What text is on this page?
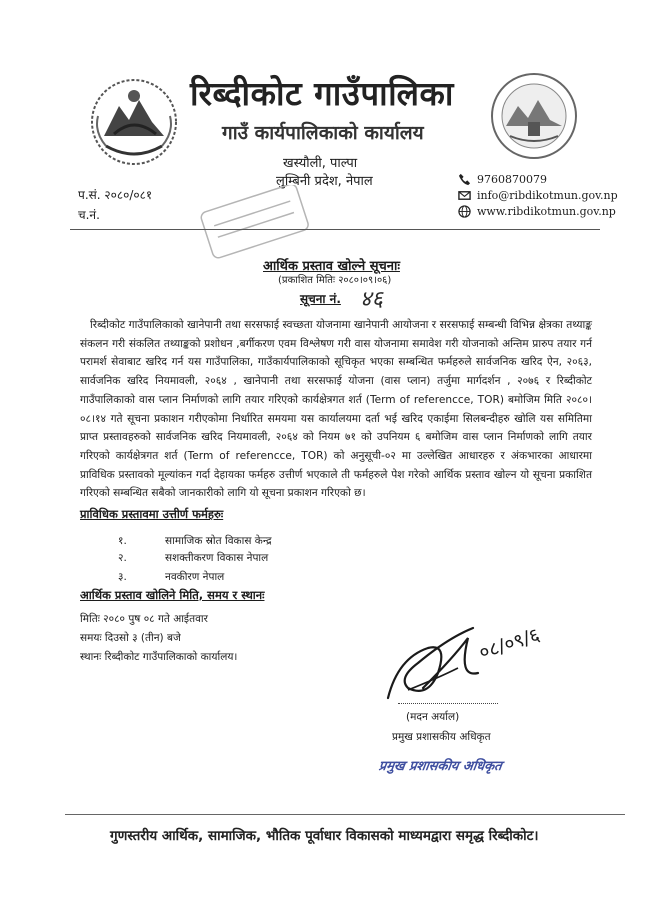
रिब्दीकोट गाउँपालिका
गाउँ कार्यपालिकाको कार्यालय
खस्यौली, पाल्पा
लुम्बिनी प्रदेश, नेपाल	9760870079
info@ribdikotmun.gov.np
www.ribdikotmun.gov.np
प.सं. २०८०/०८१
च.नं.
आर्थिक प्रस्ताव खोल्ने सूचनाः
(प्रकाशित मितिः २०८०।०९।०६)
सूचना नं. ४६
रिब्दीकोट गाउँपालिकाको खानेपानी तथा सरसफाई स्वच्छता योजनामा खानेपानी आयोजना र सरसफाई सम्बन्धी विभिन्न क्षेत्रका तथ्याङ्क संकलन गरी संकलित तथ्याङ्कको प्रशोधन ,बर्गीकरण एवम विश्लेषण गरी वास योजनामा समावेश गरी योजनाको अन्तिम प्रारुप तयार गर्न परामर्श सेवाबाट खरिद गर्न यस गाउँपालिका, गाउँकार्यपालिकाको सूचिकृत भएका सम्बन्धित फर्महरुले सार्वजनिक खरिद ऐन, २०६३, सार्वजनिक खरिद नियमावली, २०६४ , खानेपानी तथा सरसफाई योजना (वास प्लान) तर्जुमा मार्गदर्शन , २०७६ र रिब्दीकोट गाउँपालिकाको वास प्लान निर्माणको लागि तयार गरिएको कार्यक्षेत्रगत शर्त (Term of referencce, TOR) बमोजिम मिति २०८०।०८।१४ गते सूचना प्रकाशन गरीएकोमा निर्धारित समयमा यस कार्यालयमा दर्ता भई खरिद एकाईमा सिलबन्दीहरु खोलि यस समितिमा प्राप्त प्रस्तावहरुको सार्वजनिक खरिद नियमावली, २०६४ को नियम ७१ को उपनियम ६ बमोजिम वास प्लान निर्माणको लागि तयार गरिएको कार्यक्षेत्रगत शर्त (Term of referencce, TOR) को अनुसूची-०२ मा उल्लेखित आधारहरु र अंकभारका आधारमा प्राविधिक प्रस्तावको मूल्यांकन गर्दा देहायका फर्महरु उत्तीर्ण भएकाले ती फर्महरुले पेश गरेको आर्थिक प्रस्ताव खोल्न यो सूचना प्रकाशित गरिएको सम्बन्धित सबैको जानकारीको लागि यो सूचना प्रकाशन गरिएको छ।
प्राविधिक प्रस्तावमा उत्तीर्ण फर्महरुः
१.	सामाजिक स्रोत विकास केन्द्र
२.	सशक्तीकरण विकास नेपाल
३.	नवकीरण नेपाल
आर्थिक प्रस्ताव खोलिने मिति, समय र स्थानः
मितिः २०८० पुष ०८ गते आईतवार
समयः दिउसो ३ (तीन) बजे
स्थानः रिब्दीकोट गाउँपालिकाको कार्यालय।	०८/०९/६
(मदन अर्याल)
प्रमुख प्रशासकीय अधिकृत
प्रमुख प्रशासकीय अधिकृत
गुणस्तरीय आर्थिक, सामाजिक, भौतिक पूर्वाधार विकासको माध्यमद्वारा समृद्ध रिब्दीकोट।
